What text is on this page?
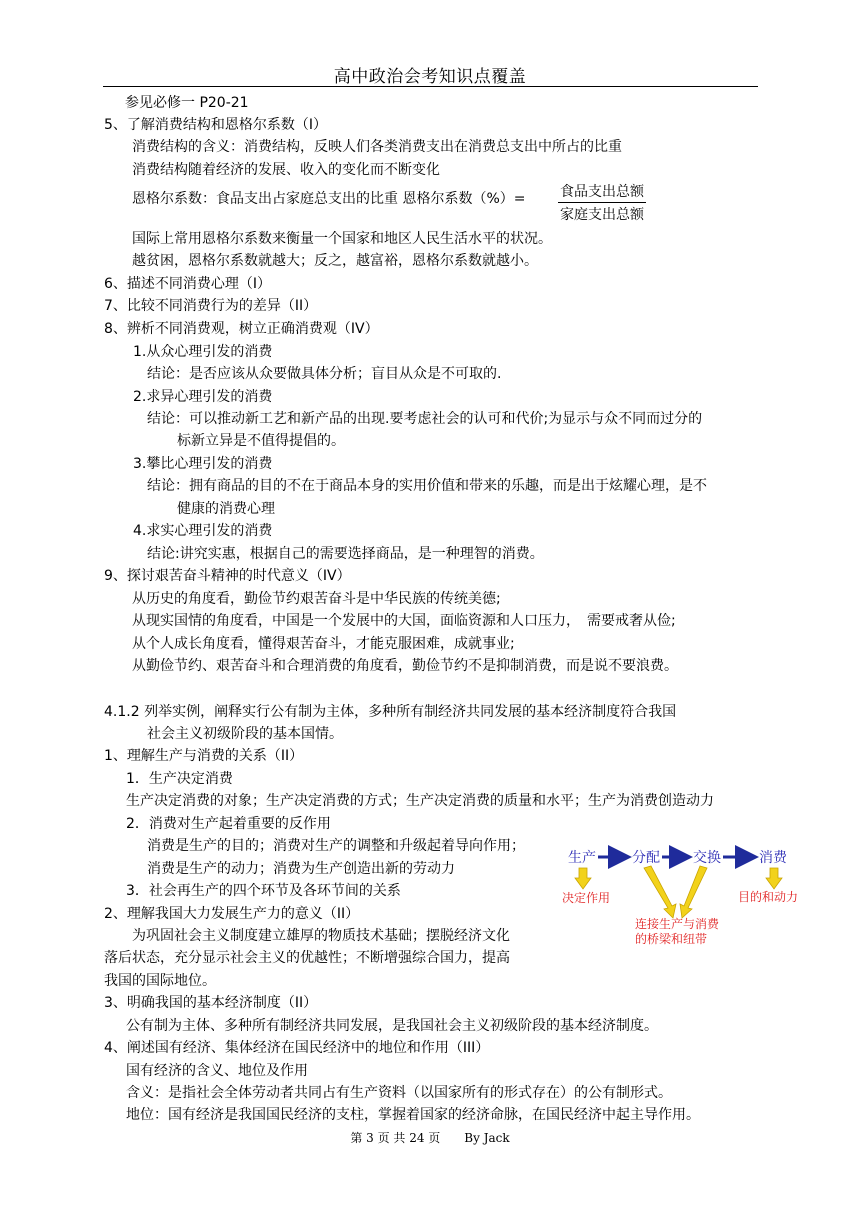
高中政治会考知识点覆盖
参见必修一 P20-21
5、了解消费结构和恩格尔系数（I）
消费结构的含义：消费结构，反映人们各类消费支出在消费总支出中所占的比重
消费结构随着经济的发展、收入的变化而不断变化
恩格尔系数：食品支出占家庭总支出的比重 恩格尔系数（%）= 食品支出总额
家庭支出总额
国际上常用恩格尔系数来衡量一个国家和地区人民生活水平的状况。
越贫困，恩格尔系数就越大；反之，越富裕，恩格尔系数就越小。
6、描述不同消费心理（I）
7、比较不同消费行为的差异（II）
8、辨析不同消费观，树立正确消费观（IV）
1.从众心理引发的消费
结论：是否应该从众要做具体分析；盲目从众是不可取的.
2.求异心理引发的消费
结论：可以推动新工艺和新产品的出现.要考虑社会的认可和代价;为显示与众不同而过分的
标新立异是不值得提倡的。
3.攀比心理引发的消费
结论：拥有商品的目的不在于商品本身的实用价值和带来的乐趣，而是出于炫耀心理，是不
健康的消费心理
4.求实心理引发的消费
结论:讲究实惠，根据自己的需要选择商品，是一种理智的消费。
9、探讨艰苦奋斗精神的时代意义（IV）
从历史的角度看，勤俭节约艰苦奋斗是中华民族的传统美德;
从现实国情的角度看，中国是一个发展中的大国，面临资源和人口压力，　需要戒奢从俭;
从个人成长角度看，懂得艰苦奋斗，才能克服困难，成就事业;
从勤俭节约、艰苦奋斗和合理消费的角度看，勤俭节约不是抑制消费，而是说不要浪费。
4.1.2 列举实例，阐释实行公有制为主体，多种所有制经济共同发展的基本经济制度符合我国
社会主义初级阶段的基本国情。
1、理解生产与消费的关系（II）
1．生产决定消费
生产决定消费的对象；生产决定消费的方式；生产决定消费的质量和水平；生产为消费创造动力
2．消费对生产起着重要的反作用
消费是生产的目的；消费对生产的调整和升级起着导向作用；
消费是生产的动力；消费为生产创造出新的劳动力
3．社会再生产的四个环节及各环节间的关系
2、理解我国大力发展生产力的意义（II）
为巩固社会主义制度建立雄厚的物质技术基础；摆脱经济文化
落后状态，充分显示社会主义的优越性；不断增强综合国力，提高
我国的国际地位。
3、明确我国的基本经济制度（II）
公有制为主体、多种所有制经济共同发展，是我国社会主义初级阶段的基本经济制度。
4、阐述国有经济、集体经济在国民经济中的地位和作用（III）
国有经济的含义、地位及作用
含义：是指社会全体劳动者共同占有生产资料（以国家所有的形式存在）的公有制形式。
地位：国有经济是我国国民经济的支柱，掌握着国家的经济命脉，在国民经济中起主导作用。
生产	分配 交换	消费
决定作用
连接生产与消费
的桥梁和纽带
目的和动力
第 3 页 共 24 页　　By Jack
